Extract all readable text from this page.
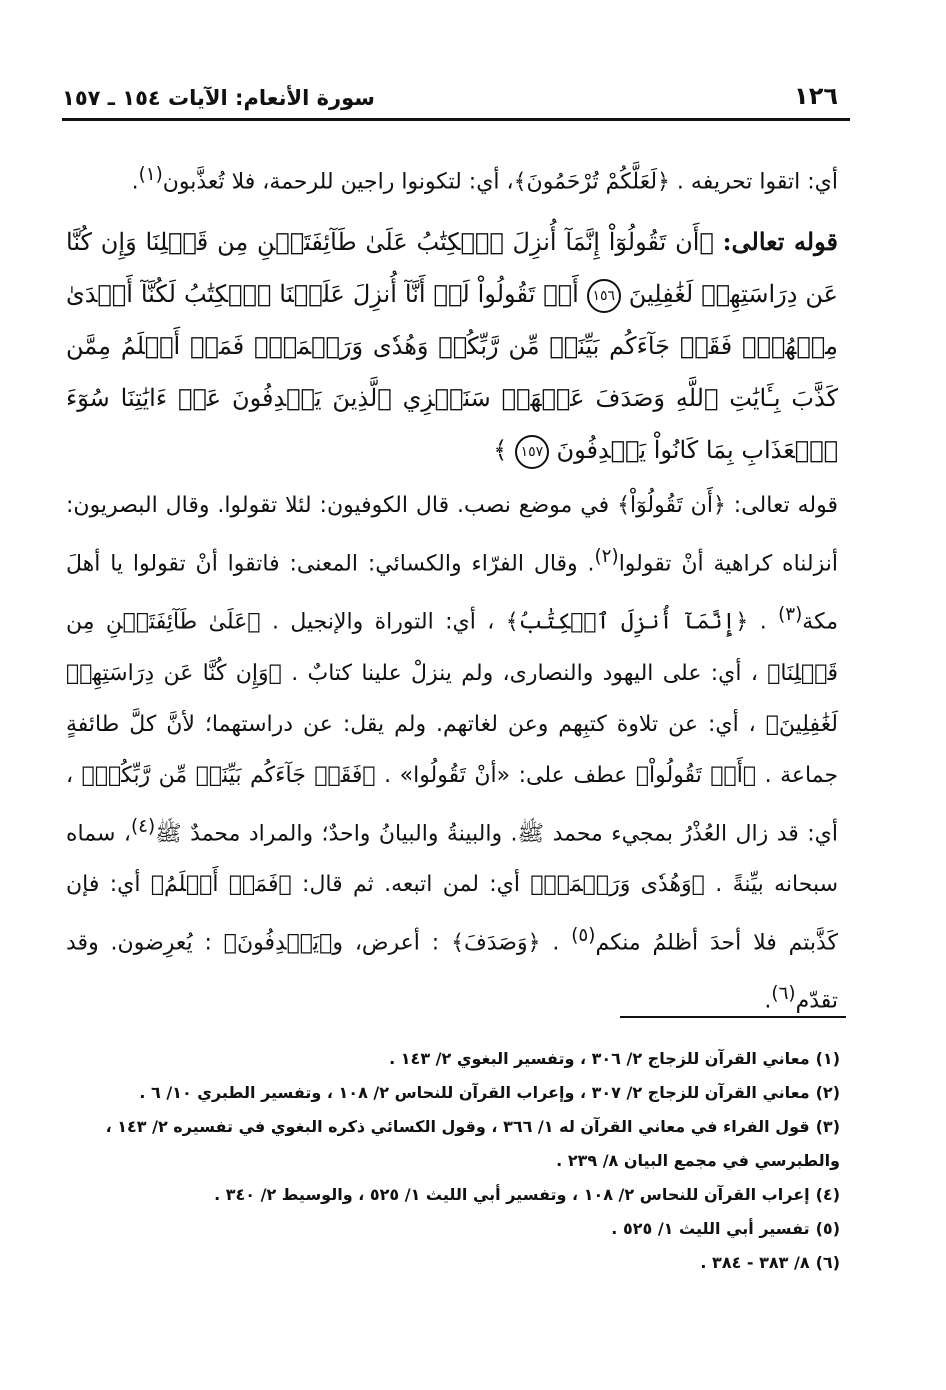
١٢٦
سورة الأنعام: الآيات ١٥٤ ـ ١٥٧
أي: اتقوا تحريفه . ﴿لَعَلَّكُمْ تُرْحَمُونَ﴾، أي: لتكونوا راجين للرحمة، فلا تُعذَّبون$^{(١)}$.
قوله تعالى: ﴿أَن تَقُولُوٓاْ إِنَّمَآ أُنزِلَ ٱلۡكِتَٰبُ عَلَىٰ طَآئِفَتَيۡنِ مِن قَبۡلِنَا وَإِن كُنَّا عَن دِرَاسَتِهِمۡ لَغَٰفِلِينَ ١٥٦ أَوۡ تَقُولُواْ لَوۡ أَنَّآ أُنزِلَ عَلَيۡنَا ٱلۡكِتَٰبُ لَكُنَّآ أَهۡدَىٰ مِنۡهُمۡۚ فَقَدۡ جَآءَكُم بَيِّنَةٞ مِّن رَّبِّكُمۡ وَهُدٗى وَرَحۡمَةٞۚ فَمَنۡ أَظۡلَمُ مِمَّن كَذَّبَ بِـَٔايَٰتِ ٱللَّهِ وَصَدَفَ عَنۡهَاۗ سَنَجۡزِي ٱلَّذِينَ يَصۡدِفُونَ عَنۡ ءَايَٰتِنَا سُوٓءَ ٱلۡعَذَابِ بِمَا كَانُواْ يَصۡدِفُونَ ١٥٧ ﴾
قوله تعالى: ﴿أَن تَقُولُوٓاْ﴾ في موضع نصب. قال الكوفيون: لئلا تقولوا. وقال البصريون: أنزلناه كراهية أنْ تقولوا$^{(٢)}$. وقال الفرّاء والكسائي: المعنى: فاتقوا أنْ تقولوا يا أهلَ مكة$^{(٣)}$ . ﴿إِنَّمَآ أُنزِلَ ٱلۡكِتَٰبُ﴾ ، أي: التوراة والإنجيل . ﴿عَلَىٰ طَآئِفَتَيۡنِ مِن قَبۡلِنَا﴾ ، أي: على اليهود والنصارى، ولم ينزلْ علينا كتابٌ . ﴿وَإِن كُنَّا عَن دِرَاسَتِهِمۡ لَغَٰفِلِينَ﴾ ، أي: عن تلاوة كتبِهم وعن لغاتهم. ولم يقل: عن دراستهما؛ لأنَّ كلَّ طائفةٍ جماعة . ﴿أَوۡ تَقُولُواْ﴾ عطف على: «أنْ تَقُولُوا» . ﴿فَقَدۡ جَآءَكُم بَيِّنَةٞ مِّن رَّبِّكُمۡ﴾ ، أي: قد زال العُذْرُ بمجيء محمد ﷺ. والبينةُ والبيانُ واحدٌ؛ والمراد محمدٌ ﷺ$^{(٤)}$، سماه سبحانه بيِّنةً . ﴿وَهُدٗى وَرَحۡمَةٞ﴾ أي: لمن اتبعه. ثم قال: ﴿فَمَنۡ أَظۡلَمُ﴾ أي: فإن كَذَّبتم فلا أحدَ أظلمُ منكم$^{(٥)}$ . ﴿وَصَدَفَ﴾ : أعرض، و﴿يَصۡدِفُونَ﴾ : يُعرِضون. وقد تقدّم$^{(٦)}$.

(١)معاني القرآن للزجاج ٢/ ٣٠٦ ، وتفسير البغوي ٢/ ١٤٣ .

(٢)معاني القرآن للزجاج ٢/ ٣٠٧ ، وإعراب القرآن للنحاس ٢/ ١٠٨ ، وتفسير الطبري ١٠/ ٦ .

(٣)قول الفراء في معاني القرآن له ١/ ٣٦٦ ، وقول الكسائي ذكره البغوي في تفسيره ٢/ ١٤٣ ، والطبرسي في مجمع البيان ٨/ ٢٣٩ .

(٤)إعراب القرآن للنحاس ٢/ ١٠٨ ، وتفسير أبي الليث ١/ ٥٢٥ ، والوسيط ٢/ ٣٤٠ .

(٥)تفسير أبي الليث ١/ ٥٢٥ .

(٦)٨/ ٣٨٣ - ٣٨٤ .
